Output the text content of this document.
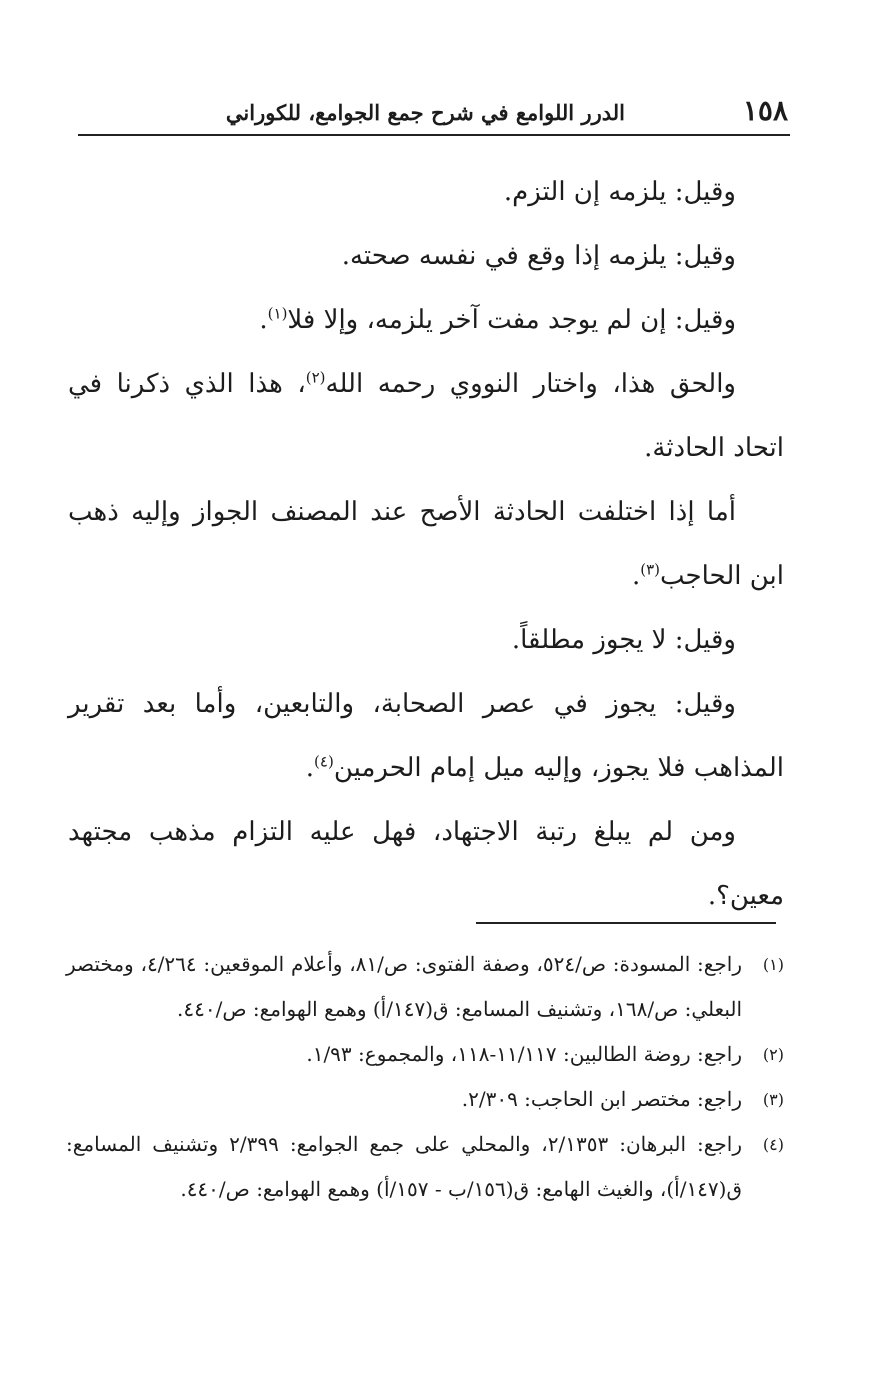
١٥٨
الدرر اللوامع في شرح جمع الجوامع، للكوراني

وقيل: يلزمه إن التزم.

وقيل: يلزمه إذا وقع في نفسه صحته.

وقيل: إن لم يوجد مفت آخر يلزمه، وإلا فلا$^{(١)}$.

والحق هذا، واختار النووي رحمه الله$^{(٢)}$، هذا الذي ذكرنا في اتحاد الحادثة.

أما إذا اختلفت الحادثة الأصح عند المصنف الجواز وإليه ذهب ابن الحاجب$^{(٣)}$.

وقيل: لا يجوز مطلقاً.

وقيل: يجوز في عصر الصحابة، والتابعين، وأما بعد تقرير المذاهب فلا يجوز، وإليه ميل إمام الحرمين$^{(٤)}$.

ومن لم يبلغ رتبة الاجتهاد، فهل عليه التزام مذهب مجتهد معين؟.

(١)
راجع: المسودة: ص/٥٢٤، وصفة الفتوى: ص/٨١، وأعلام الموقعين: ٤/٢٦٤، ومختصر البعلي: ص/١٦٨، وتشنيف المسامع: ق(١٤٧/أ) وهمع الهوامع: ص/٤٤٠.
(٢)
راجع: روضة الطالبين: ١١/١١٧-١١٨، والمجموع: ١/٩٣.
(٣)
راجع: مختصر ابن الحاجب: ٢/٣٠٩.
(٤)
راجع: البرهان: ٢/١٣٥٣، والمحلي على جمع الجوامع: ٢/٣٩٩ وتشنيف المسامع: ق(١٤٧/أ)، والغيث الهامع: ق(١٥٦/ب - ١٥٧/أ) وهمع الهوامع: ص/٤٤٠.
